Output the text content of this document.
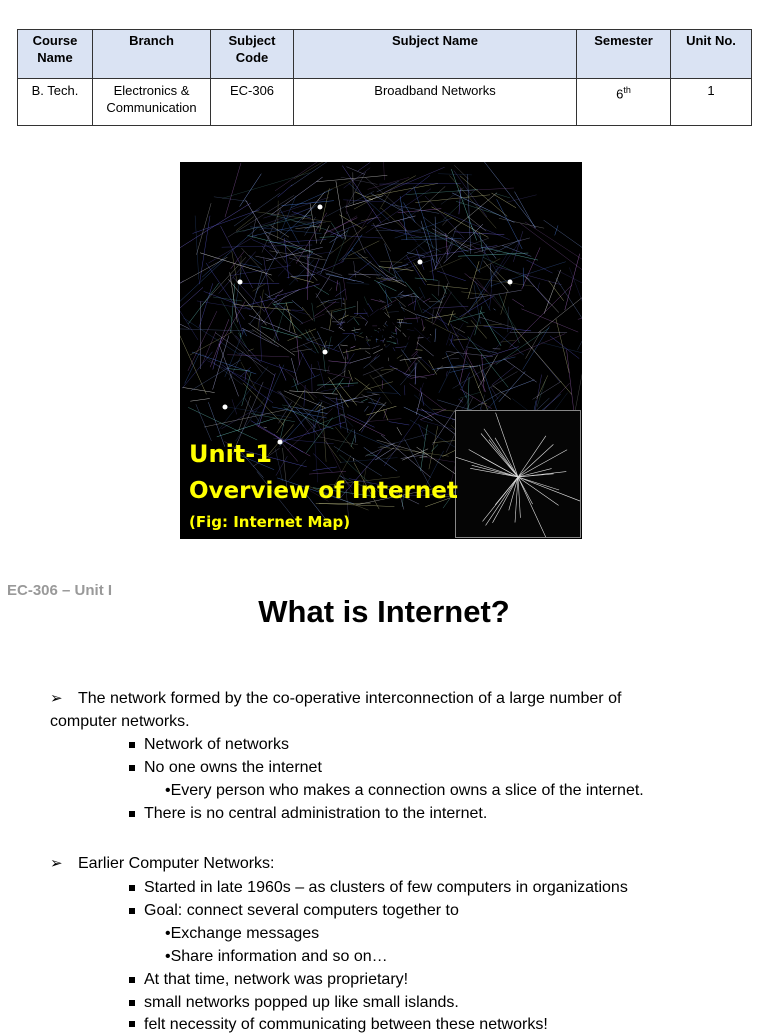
Course Name	Branch	Subject Code	Subject Name	Semester	Unit No.
B. Tech.	Electronics & Communication	EC-306	Broadband Networks	6th	1
Unit-1
Overview of Internet
(Fig: Internet Map)
EC-306 – Unit I
What is Internet?
➢ The network formed by the co-operative interconnection of a large number of
computer networks.
Network of networks
No one owns the internet
•Every person who makes a connection owns a slice of the internet.
There is no central administration to the internet.
➢ Earlier Computer Networks:
Started in late 1960s – as clusters of few computers in organizations
Goal: connect several computers together to
•Exchange messages
•Share information and so on…
At that time, network was proprietary!
small networks popped up like small islands.
felt necessity of communicating between these networks!
